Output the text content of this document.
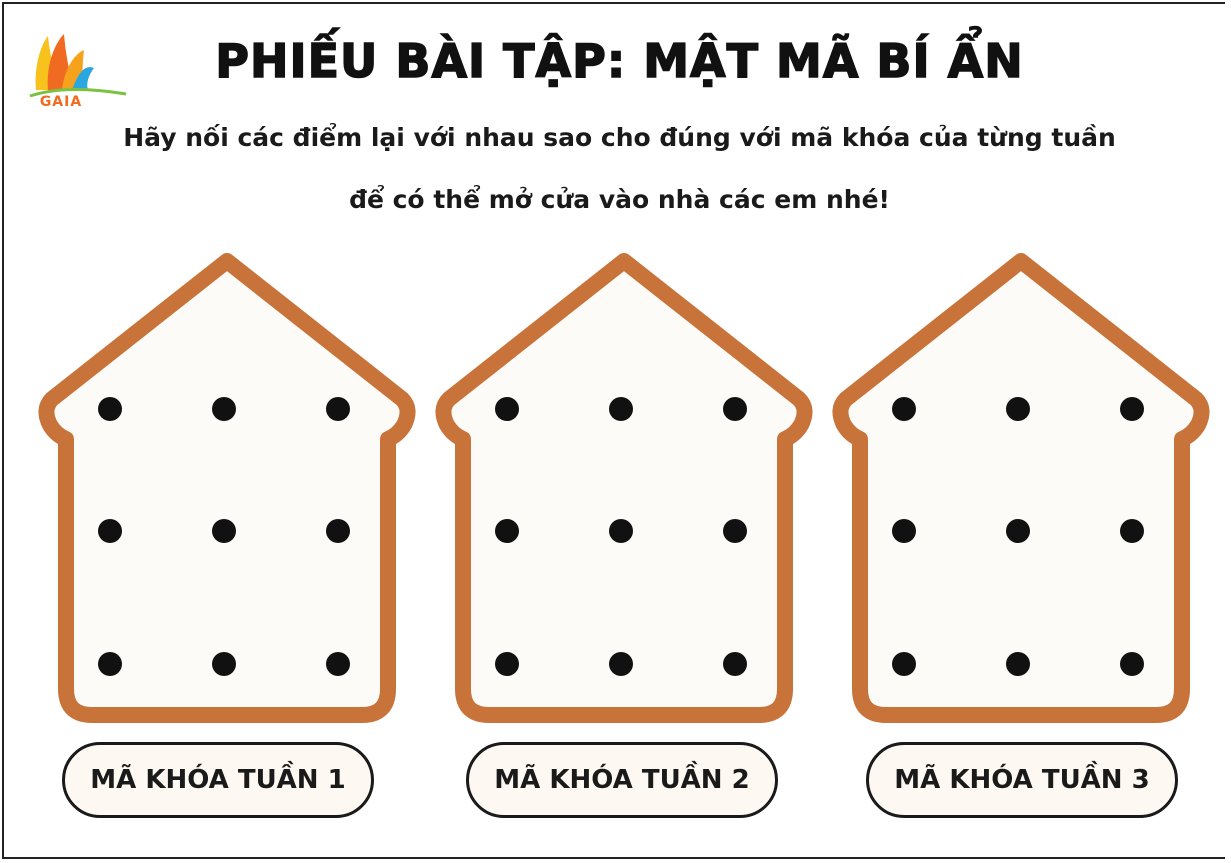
GAIA
PHIẾU BÀI TẬP: MẬT MÃ BÍ ẨN
Hãy nối các điểm lại với nhau sao cho đúng với mã khóa của từng tuần
để có thể mở cửa vào nhà các em nhé!
MÃ KHÓA TUẦN 1	MÃ KHÓA TUẦN 2	MÃ KHÓA TUẦN 3
